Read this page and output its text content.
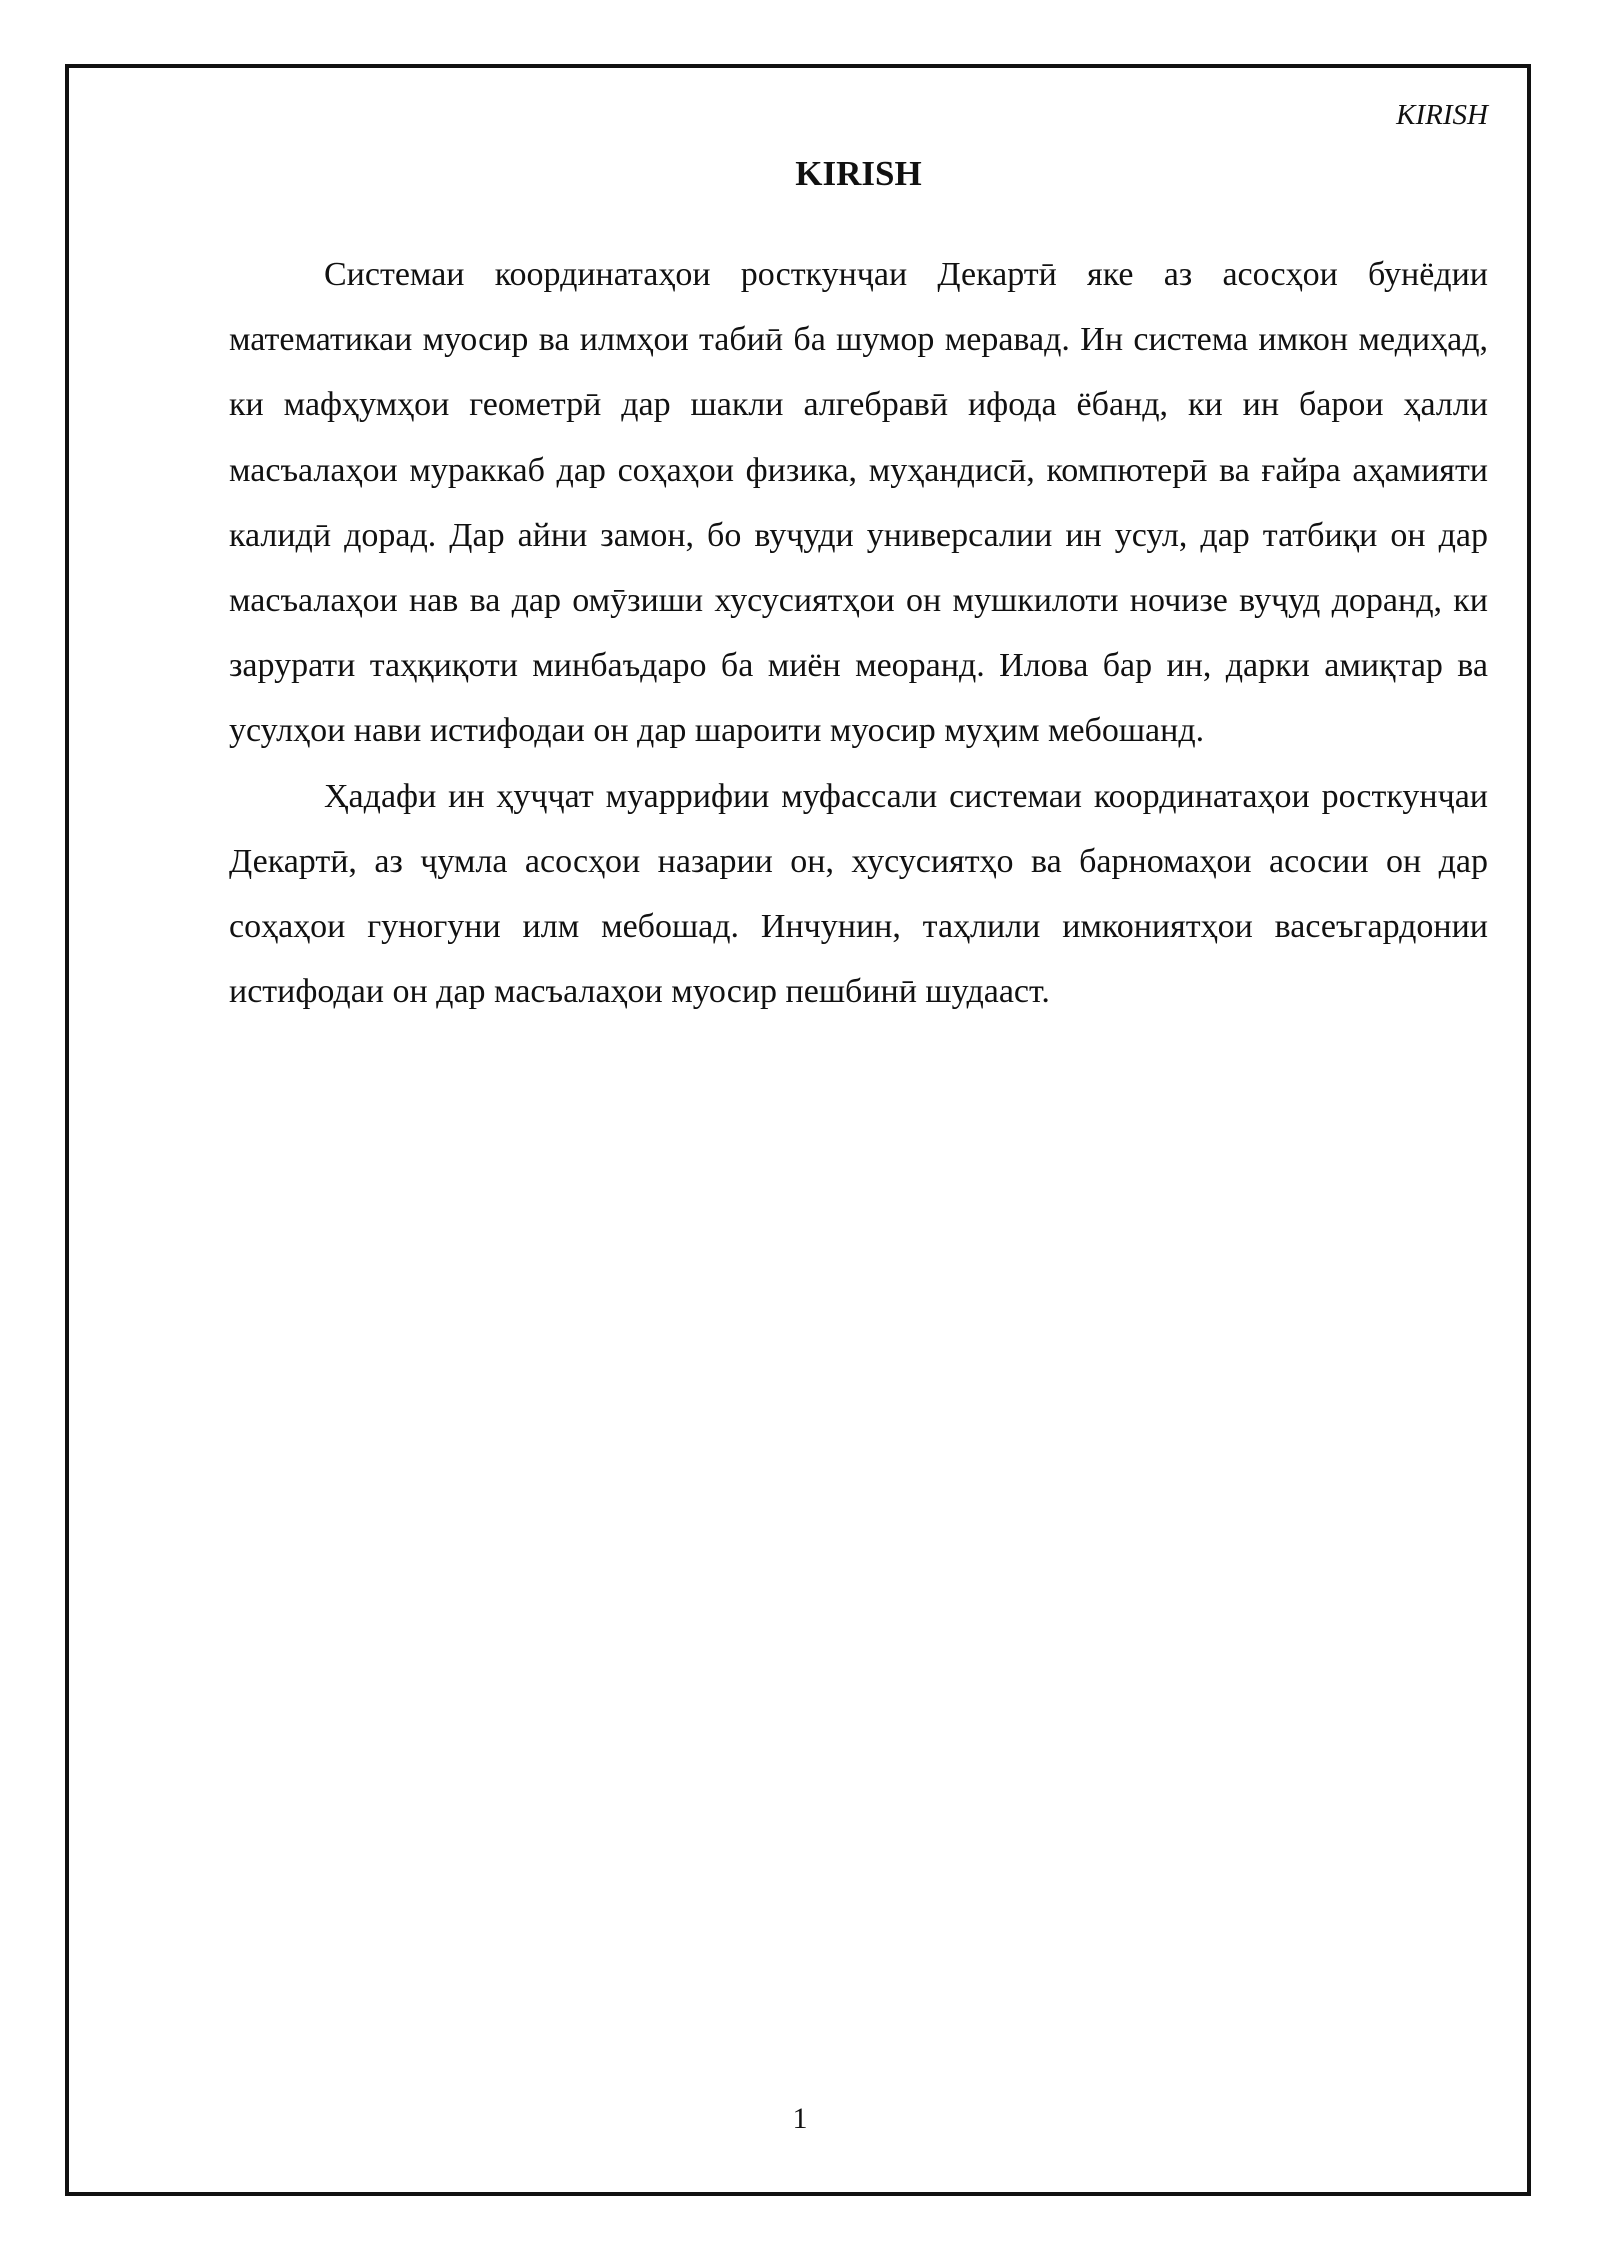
KIRISH
KIRISH

Системаи координатаҳои росткунҷаи Декартӣ яке аз асосҳои бунёдии математикаи муосир ва илмҳои табиӣ ба шумор меравад. Ин система имкон медиҳад, ки мафҳумҳои геометрӣ дар шакли алгебравӣ ифода ёбанд, ки ин барои ҳалли масъалаҳои мураккаб дар соҳаҳои физика, муҳандисӣ, компютерӣ ва ғайра аҳамияти калидӣ дорад. Дар айни замон, бо вуҷуди универсалии ин усул, дар татбиқи он дар масъалаҳои нав ва дар омӯзиши хусусиятҳои он мушкилоти ночизе вуҷуд доранд, ки зарурати таҳқиқоти минбаъдаро ба миён меоранд. Илова бар ин, дарки амиқтар ва усулҳои нави истифодаи он дар шароити муосир муҳим мебошанд.

Ҳадафи ин ҳуҷҷат муаррифии муфассали системаи координатаҳои росткунҷаи Декартӣ, аз ҷумла асосҳои назарии он, хусусиятҳо ва барномаҳои асосии он дар соҳаҳои гуногуни илм мебошад. Инчунин, таҳлили имкониятҳои васеъгардонии истифодаи он дар масъалаҳои муосир пешбинӣ шудааст.

1
